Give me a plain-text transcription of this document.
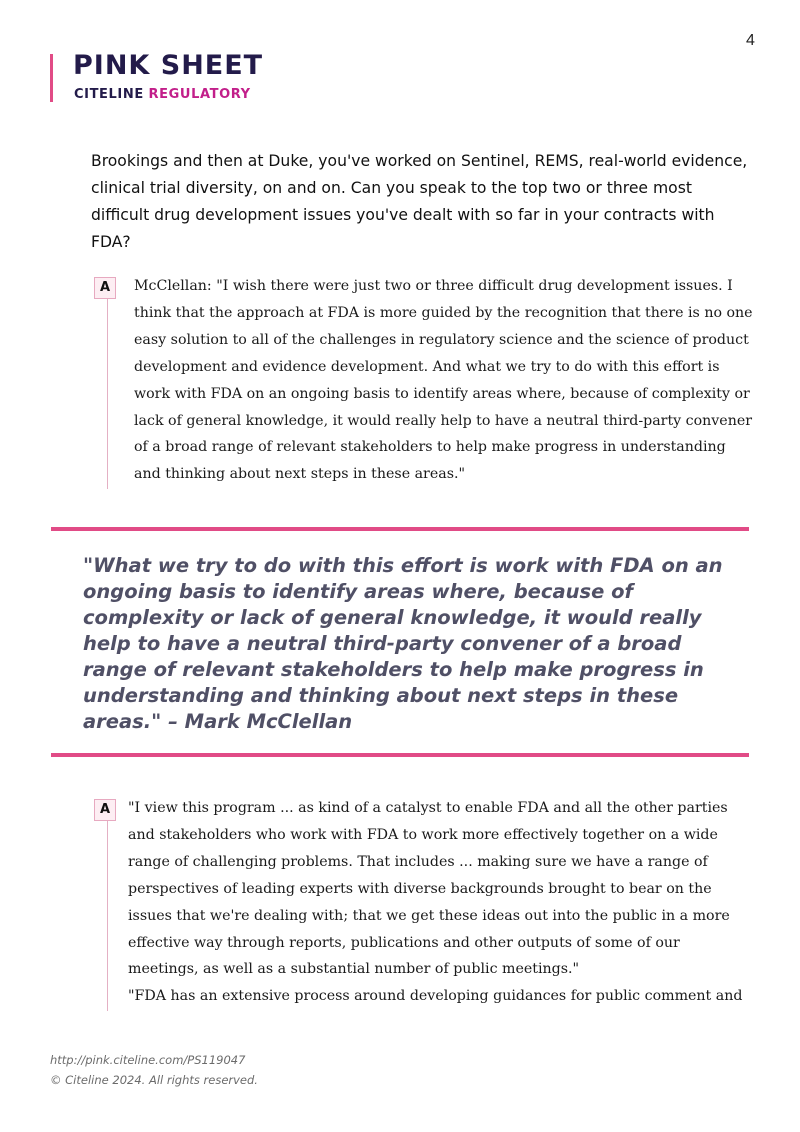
4
PINK SHEET
CITELINE REGULATORY

Brookings and then at Duke, you've worked on Sentinel, REMS, real-world evidence, clinical trial diversity, on and on. Can you speak to the top two or three most difficult drug development issues you've dealt with so far in your contracts with FDA?

A	McClellan: "I wish there were just two or three difficult drug development issues. I think that the approach at FDA is more guided by the recognition that there is no one easy solution to all of the challenges in regulatory science and the science of product development and evidence development. And what we try to do with this effort is work with FDA on an ongoing basis to identify areas where, because of complexity or lack of general knowledge, it would really help to have a neutral third-party convener of a broad range of relevant stakeholders to help make progress in understanding and thinking about next steps in these areas."

"What we try to do with this effort is work with FDA on an ongoing basis to identify areas where, because of complexity or lack of general knowledge, it would really help to have a neutral third-party convener of a broad range of relevant stakeholders to help make progress in understanding and thinking about next steps in these areas." – Mark McClellan

A	"I view this program ... as kind of a catalyst to enable FDA and all the other parties and stakeholders who work with FDA to work more effectively together on a wide range of challenging problems. That includes ... making sure we have a range of perspectives of leading experts with diverse backgrounds brought to bear on the issues that we're dealing with; that we get these ideas out into the public in a more effective way through reports, publications and other outputs of some of our meetings, as well as a substantial number of public meetings."

"FDA has an extensive process around developing guidances for public comment and

http://pink.citeline.com/PS119047
© Citeline 2024. All rights reserved.
